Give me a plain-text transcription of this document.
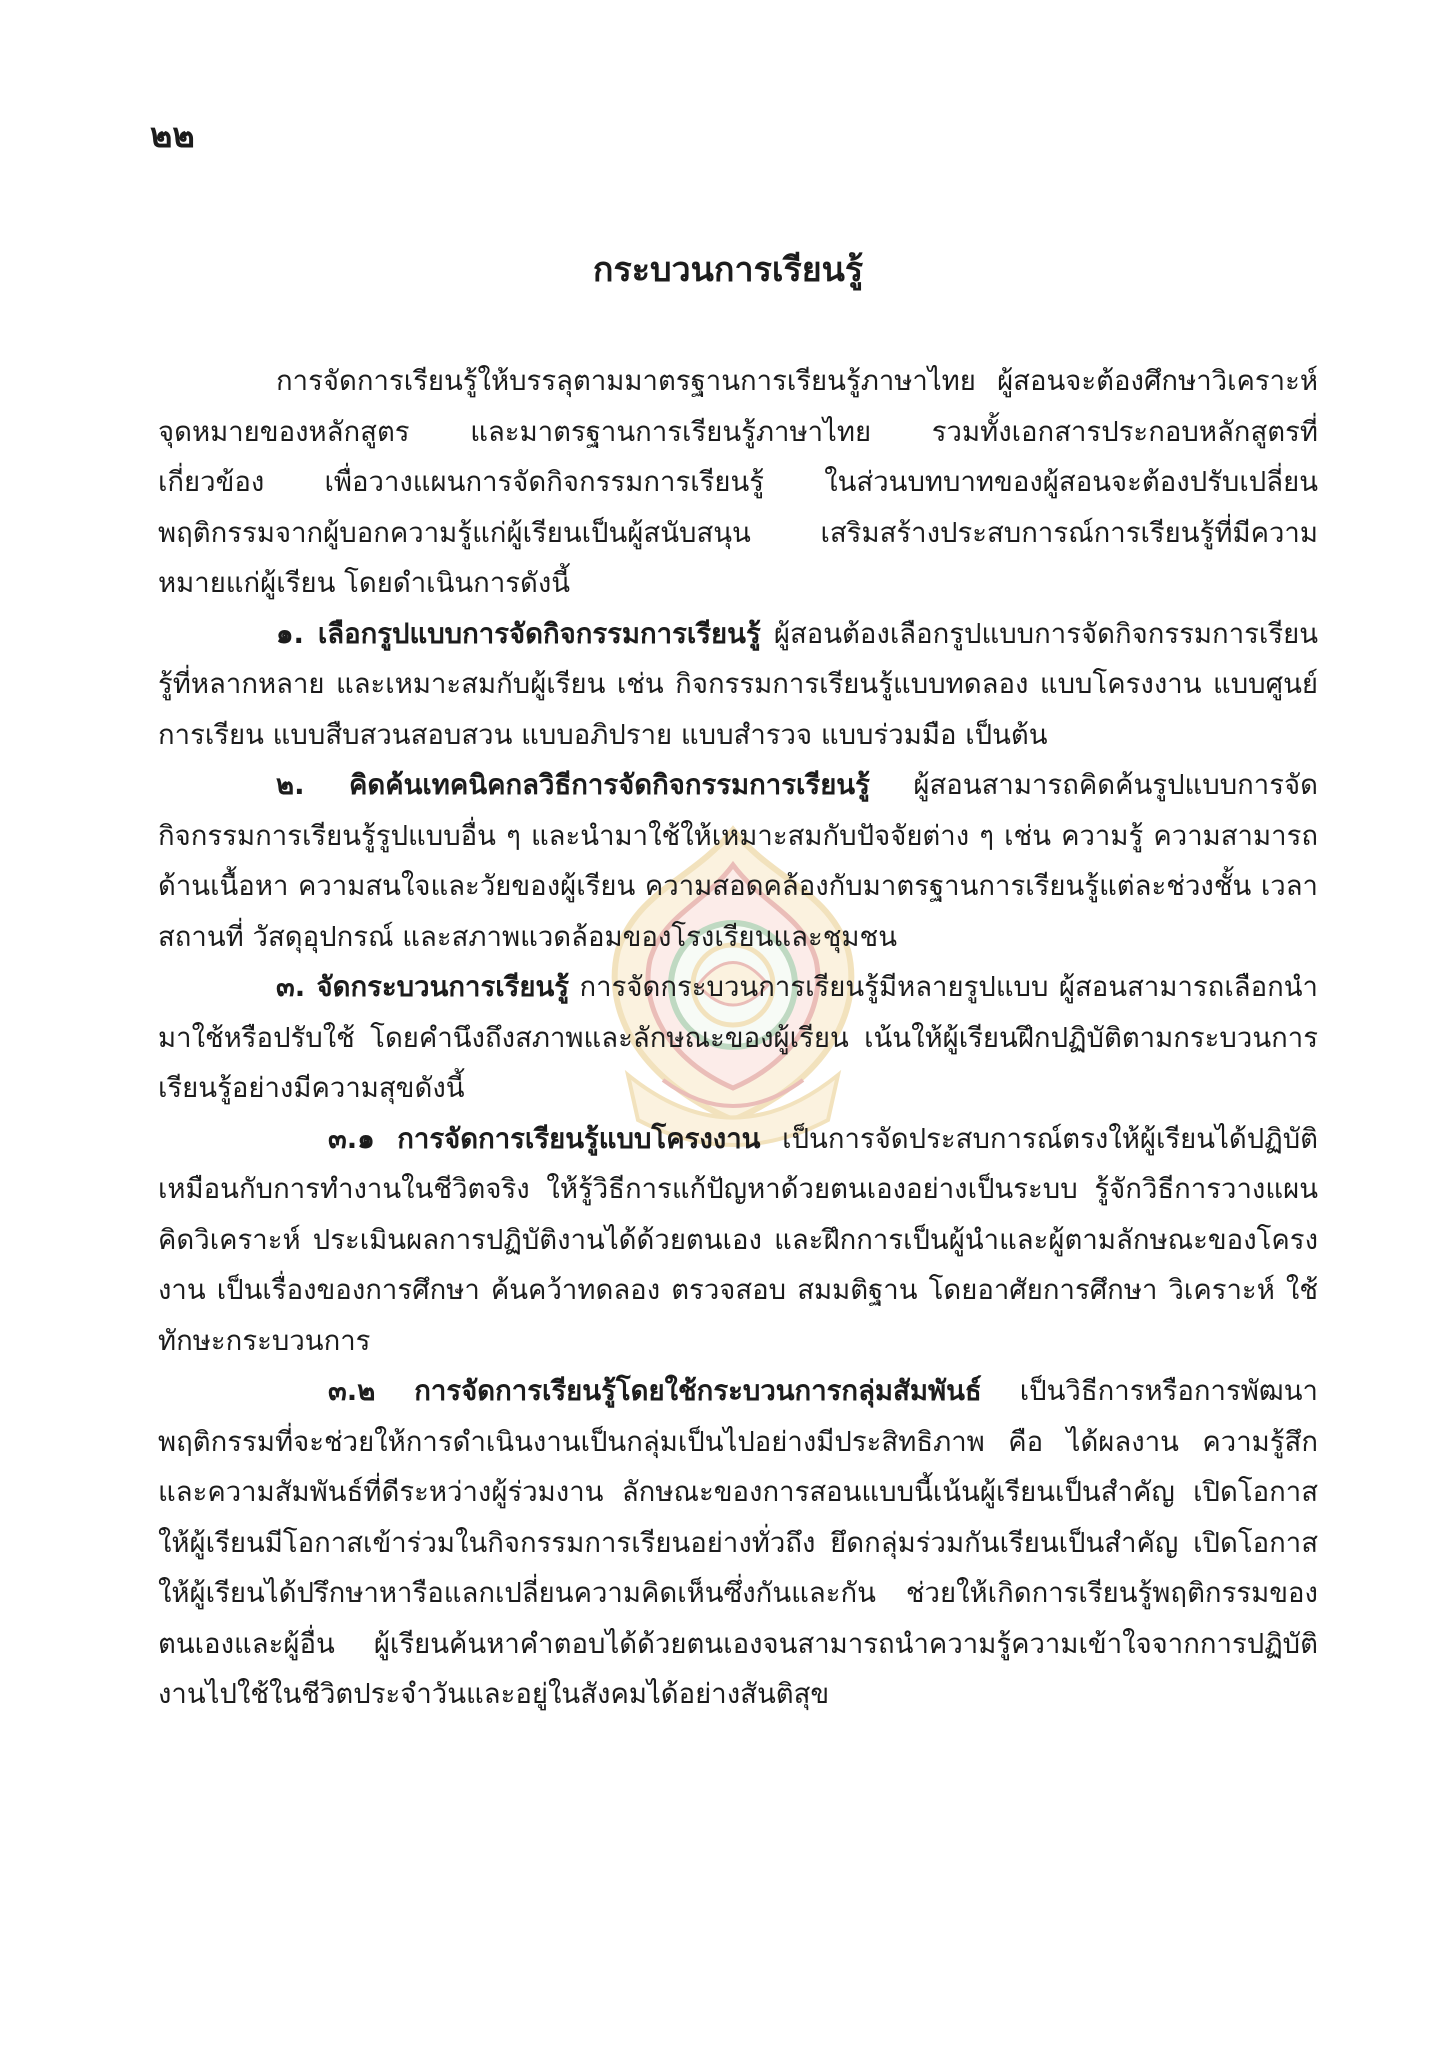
๒๒
กระบวนการเรียนรู้

การจัดการเรียนรู้ให้บรรลุตามมาตรฐานการเรียนรู้ภาษาไทย ผู้สอนจะต้องศึกษาวิเคราะห์ จุดหมายของหลักสูตร และมาตรฐานการเรียนรู้ภาษาไทย รวมทั้งเอกสารประกอบหลักสูตรที่เกี่ยวข้อง เพื่อวางแผนการจัดกิจกรรมการเรียนรู้ ในส่วนบทบาทของผู้สอนจะต้องปรับเปลี่ยนพฤติกรรมจากผู้บอกความรู้แก่ผู้เรียนเป็นผู้สนับสนุน เสริมสร้างประสบการณ์การเรียนรู้ที่มีความหมายแก่ผู้เรียน โดยดำเนินการดังนี้

๑. เลือกรูปแบบการจัดกิจกรรมการเรียนรู้ ผู้สอนต้องเลือกรูปแบบการจัดกิจกรรมการเรียนรู้ที่หลากหลาย และเหมาะสมกับผู้เรียน เช่น กิจกรรมการเรียนรู้แบบทดลอง แบบโครงงาน แบบศูนย์การเรียน แบบสืบสวนสอบสวน แบบอภิปราย แบบสำรวจ แบบร่วมมือ เป็นต้น

๒. คิดค้นเทคนิคกลวิธีการจัดกิจกรรมการเรียนรู้ ผู้สอนสามารถคิดค้นรูปแบบการจัดกิจกรรมการเรียนรู้รูปแบบอื่น ๆ และนำมาใช้ให้เหมาะสมกับปัจจัยต่าง ๆ เช่น ความรู้ ความสามารถด้านเนื้อหา ความสนใจและวัยของผู้เรียน ความสอดคล้องกับมาตรฐานการเรียนรู้แต่ละช่วงชั้น เวลา สถานที่ วัสดุอุปกรณ์ และสภาพแวดล้อมของโรงเรียนและชุมชน

๓. จัดกระบวนการเรียนรู้ การจัดกระบวนการเรียนรู้มีหลายรูปแบบ ผู้สอนสามารถเลือกนำมาใช้หรือปรับใช้ โดยคำนึงถึงสภาพและลักษณะของผู้เรียน เน้นให้ผู้เรียนฝึกปฏิบัติตามกระบวนการเรียนรู้อย่างมีความสุขดังนี้

๓.๑ การจัดการเรียนรู้แบบโครงงาน เป็นการจัดประสบการณ์ตรงให้ผู้เรียนได้ปฏิบัติเหมือนกับการทำงานในชีวิตจริง ให้รู้วิธีการแก้ปัญหาด้วยตนเองอย่างเป็นระบบ รู้จักวิธีการวางแผน คิดวิเคราะห์ ประเมินผลการปฏิบัติงานได้ด้วยตนเอง และฝึกการเป็นผู้นำและผู้ตามลักษณะของโครงงาน เป็นเรื่องของการศึกษา ค้นคว้าทดลอง ตรวจสอบ สมมติฐาน โดยอาศัยการศึกษา วิเคราะห์ ใช้ทักษะกระบวนการ

๓.๒ การจัดการเรียนรู้โดยใช้กระบวนการกลุ่มสัมพันธ์ เป็นวิธีการหรือการพัฒนาพฤติกรรมที่จะช่วยให้การดำเนินงานเป็นกลุ่มเป็นไปอย่างมีประสิทธิภาพ คือ ได้ผลงาน ความรู้สึก และความสัมพันธ์ที่ดีระหว่างผู้ร่วมงาน ลักษณะของการสอนแบบนี้เน้นผู้เรียนเป็นสำคัญ เปิดโอกาสให้ผู้เรียนมีโอกาสเข้าร่วมในกิจกรรมการเรียนอย่างทั่วถึง ยึดกลุ่มร่วมกันเรียนเป็นสำคัญ เปิดโอกาสให้ผู้เรียนได้ปรึกษาหารือแลกเปลี่ยนความคิดเห็นซึ่งกันและกัน ช่วยให้เกิดการเรียนรู้พฤติกรรมของตนเองและผู้อื่น ผู้เรียนค้นหาคำตอบได้ด้วยตนเองจนสามารถนำความรู้ความเข้าใจจากการปฏิบัติงานไปใช้ในชีวิตประจำวันและอยู่ในสังคมได้อย่างสันติสุข
